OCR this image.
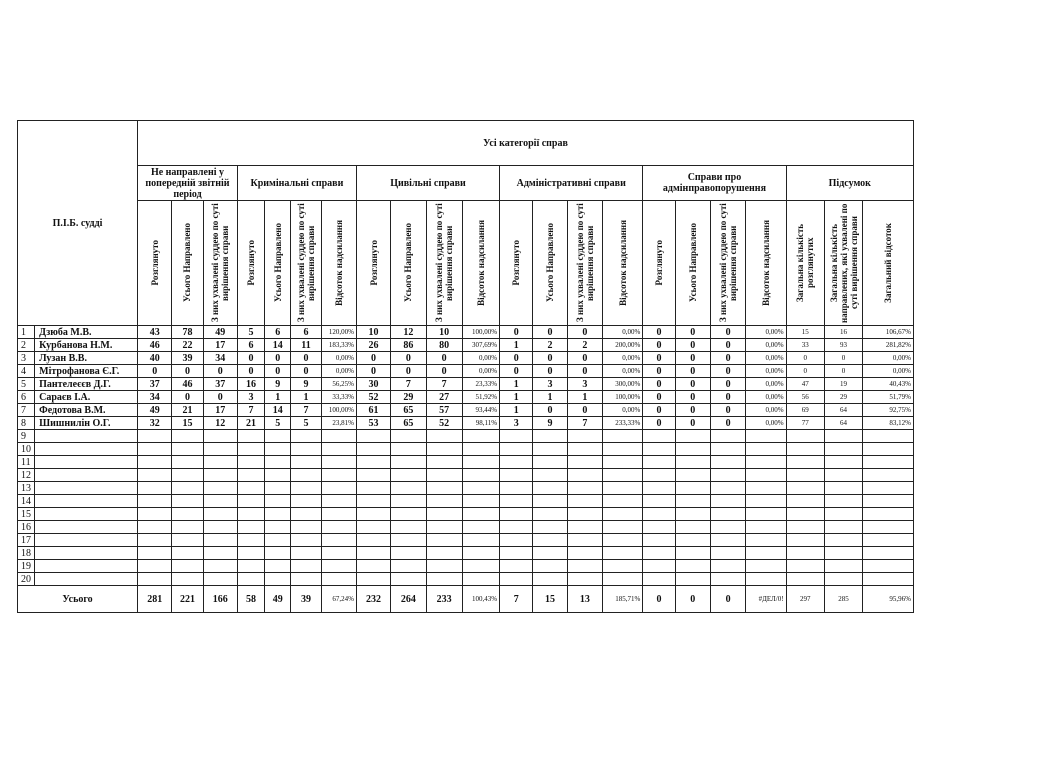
П.І.Б. судді		Усі категорії справ																					
		Не направлені у попередній звітній період			Кримінальні справи				Цивільні справи				Адміністративні справи				Справи про адмінправопорушення				Підсумок		

		Розглянуто	Усього Направлено	З них ухвалені суддею по суті вирішення справи	Розглянуто	Усього Направлено	З них ухвалені суддею по суті вирішення справи	Відсоток надсилання	Розглянуто	Усього Направлено	З них ухвалені суддею по суті вирішення справи	Відсоток надсилання	Розглянуто	Усього Направлено	З них ухвалені суддею по суті вирішення справи	Відсоток надсилання	Розглянуто	Усього Направлено	З них ухвалені суддею по суті вирішення справи	Відсоток надсилання	Загальна кількість розглянутих	Загальна кількість направлених, які ухвалені по суті вирішення справи	Загальний відсоток

1	Дзюба М.В.	43	78	49	5	6	6	120,00%	10	12	10	100,00%	0	0	0	0,00%	0	0	0	0,00%	15	16	106,67%
2	Курбанова Н.М.	46	22	17	6	14	11	183,33%	26	86	80	307,69%	1	2	2	200,00%	0	0	0	0,00%	33	93	281,82%
3	Лузан В.В.	40	39	34	0	0	0	0,00%	0	0	0	0,00%	0	0	0	0,00%	0	0	0	0,00%	0	0	0,00%
4	Мітрофанова Є.Г.	0	0	0	0	0	0	0,00%	0	0	0	0,00%	0	0	0	0,00%	0	0	0	0,00%	0	0	0,00%
5	Пантелеєєв Д.Г.	37	46	37	16	9	9	56,25%	30	7	7	23,33%	1	3	3	300,00%	0	0	0	0,00%	47	19	40,43%
6	Сараєв І.А.	34	0	0	3	1	1	33,33%	52	29	27	51,92%	1	1	1	100,00%	0	0	0	0,00%	56	29	51,79%
7	Федотова В.М.	49	21	17	7	14	7	100,00%	61	65	57	93,44%	1	0	0	0,00%	0	0	0	0,00%	69	64	92,75%
8	Шишнилін О.Г.	32	15	12	21	5	5	23,81%	53	65	52	98,11%	3	9	7	233,33%	0	0	0	0,00%	77	64	83,12%
9																							
10																							
11																							
12																							
13																							
14																							
15																							
16																							
17																							
18																							
19																							
20																							
Усього		281	221	166	58	49	39	67,24%	232	264	233	100,43%	7	15	13	185,71%	0	0	0	#ДЕЛ/0!	297	285	95,96%
